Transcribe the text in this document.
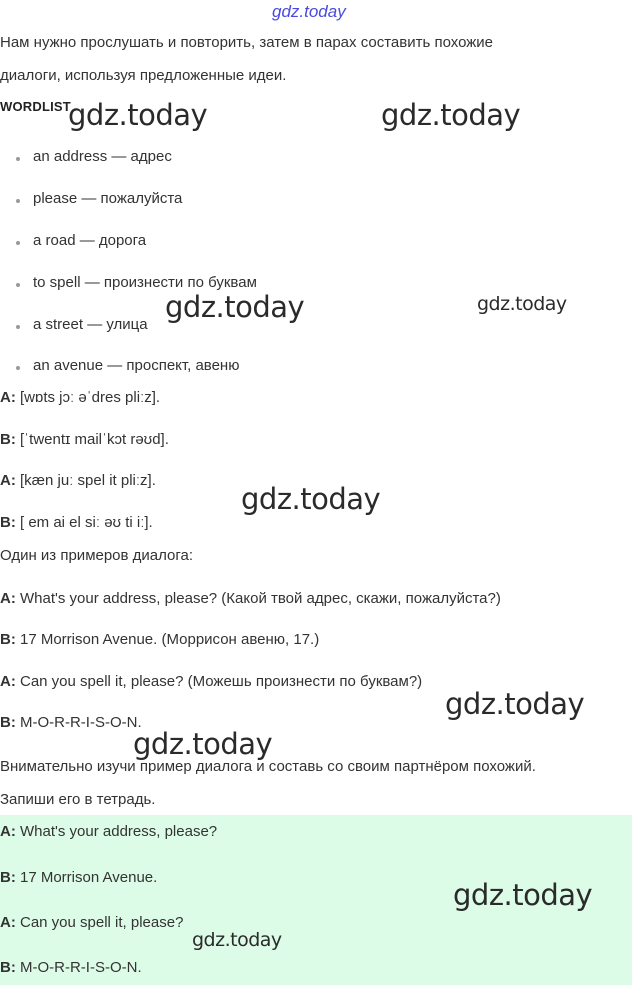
gdz.today
Нам нужно прослушать и повторить, затем в парах составить похожие
диалоги, используя предложенные идеи.
WORDLIST
gdz.today	gdz.today
an address — адрес
please — пожалуйста
a road — дорога
to spell — произнести по буквам
a street — улица
an avenue — проспект, авеню
gdz.today	gdz.today
A: [wɒts jɔː əˈdres pliːz].
B: [ˈtwentɪ mailˈkɔt rəʊd].
A: [kæn juː spel it pliːz].
B: [ em ai el siː əʊ ti iː].
gdz.today
Один из примеров диалога:
A: What's your address, please? (Какой твой адрес, скажи, пожалуйста?)
B: 17 Morrison Avenue. (Моррисон авеню, 17.)
A: Can you spell it, please? (Можешь произнести по буквам?)
B: M-O-R-R-I-S-O-N.
gdz.today
gdz.today
Внимательно изучи пример диалога и составь со своим партнёром похожий.
Запиши его в тетрадь.
A: What's your address, please?
B: 17 Morrison Avenue.
A: Can you spell it, please?
B: M-O-R-R-I-S-O-N.
gdz.today
gdz.today
